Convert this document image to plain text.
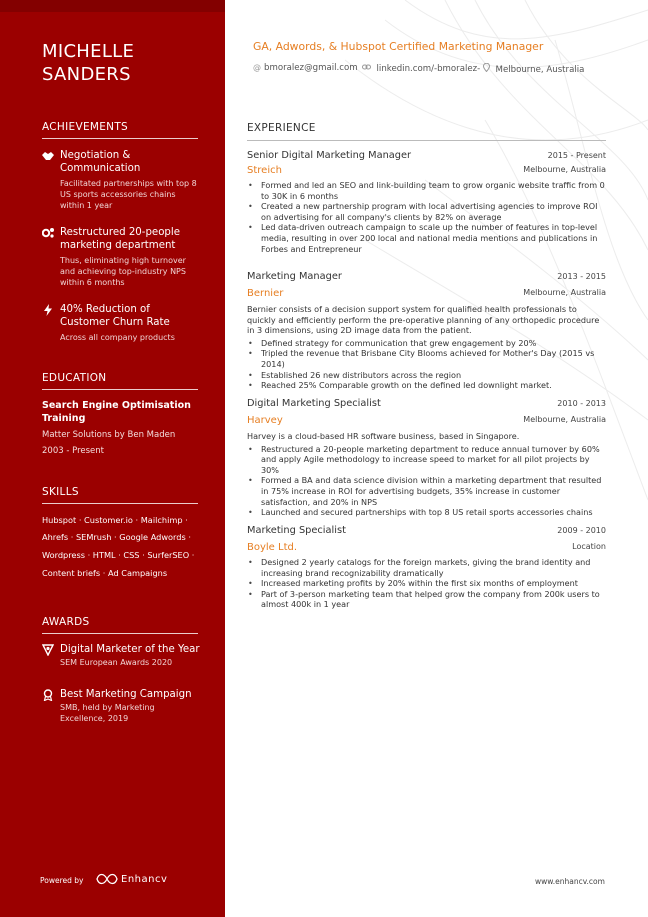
MICHELLE
SANDERS
ACHIEVEMENTS
Negotiation & Communication
Facilitated partnerships with top 8 US sports accessories chains within 1 year
Restructured 20-people marketing department
Thus, eliminating high turnover and achieving top-industry NPS within 6 months
40% Reduction of Customer Churn Rate
Across all company products
EDUCATION
Search Engine Optimisation Training
Matter Solutions by Ben Maden
2003 - Present
SKILLS
Hubspot · Customer.io · Mailchimp ·
Ahrefs · SEMrush · Google Adwords ·
Wordpress · HTML · CSS · SurferSEO ·
Content briefs · Ad Campaigns
AWARDS
Digital Marketer of the Year
SEM European Awards 2020
Best Marketing Campaign
SMB, held by Marketing Excellence, 2019
Powered by	Enhancv
GA, Adwords, & Hubspot Certified Marketing Manager
@ bmoralez@gmail.com	linkedin.com/-bmoralez-	Melbourne, Australia
EXPERIENCE
Senior Digital Marketing Manager	2015 - Present
Streich	Melbourne, Australia
• Formed and led an SEO and link-building team to grow organic website traffic from 0 to 30K in 6 months
• Created a new partnership program with local advertising agencies to improve ROI on advertising for all company's clients by 82% on average
• Led data-driven outreach campaign to scale up the number of features in top-level media, resulting in over 200 local and national media mentions and publications in Forbes and Entrepreneur
Marketing Manager	2013 - 2015
Bernier	Melbourne, Australia
Bernier consists of a decision support system for qualified health professionals to quickly and efficiently perform the pre-operative planning of any orthopedic procedure in 3 dimensions, using 2D image data from the patient.
• Defined strategy for communication that grew engagement by 20%
• Tripled the revenue that Brisbane City Blooms achieved for Mother's Day (2015 vs 2014)
• Established 26 new distributors across the region
• Reached 25% Comparable growth on the defined led downlight market.
Digital Marketing Specialist	2010 - 2013
Harvey	Melbourne, Australia
Harvey is a cloud-based HR software business, based in Singapore.
• Restructured a 20-people marketing department to reduce annual turnover by 60% and apply Agile methodology to increase speed to market for all pilot projects by 30%
• Formed a BA and data science division within a marketing department that resulted in 75% increase in ROI for advertising budgets, 35% increase in customer satisfaction, and 20% in NPS
• Launched and secured partnerships with top 8 US retail sports accessories chains
Marketing Specialist	2009 - 2010
Boyle Ltd.	Location
• Designed 2 yearly catalogs for the foreign markets, giving the brand identity and increasing brand recognizability dramatically
• Increased marketing profits by 20% within the first six months of employment
• Part of 3-person marketing team that helped grow the company from 200k users to almost 400k in 1 year
www.enhancv.com
